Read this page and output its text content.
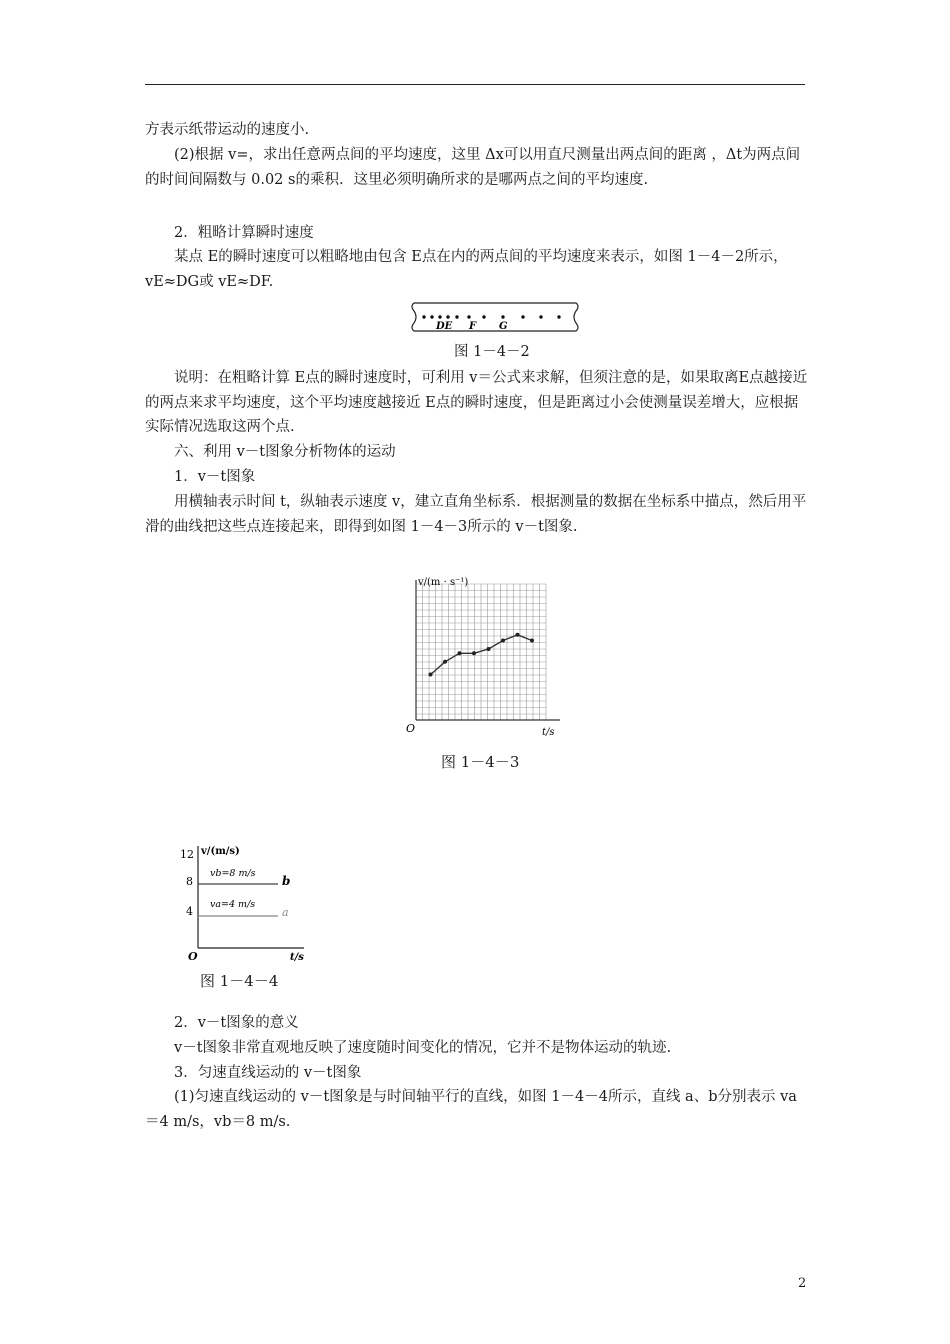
方表示纸带运动的速度小.
(2)根据 v=，求出任意两点间的平均速度，这里 Δx可以用直尺测量出两点间的距离 ，Δt为两点间的时间间隔数与 0.02 s的乘积．这里必须明确所求的是哪两点之间的平均速度.
2．粗略计算瞬时速度
某点 E的瞬时速度可以粗略地由包含 E点在内的两点间的平均速度来表示，如图 1－4－2所示，vE≈DG或 vE≈DF.
DE F G
图 1－4－2
说明：在粗略计算 E点的瞬时速度时，可利用 v＝公式来求解，但须注意的是，如果取离E点越接近的两点来求平均速度，这个平均速度越接近 E点的瞬时速度，但是距离过小会使测量误差增大，应根据实际情况选取这两个点.
六、利用 v－t图象分析物体的运动
1．v－t图象
用横轴表示时间 t，纵轴表示速度 v，建立直角坐标系．根据测量的数据在坐标系中描点，然后用平滑的曲线把这些点连接起来，即得到如图 1－4－3所示的 v－t图象.
v/(m · s⁻¹)
O	t/s
图 1－4－3
12
8
4
v/(m/s)
vb=8 m/s
va=4 m/s
b
a
O	t/s
图 1－4－4
2．v－t图象的意义
v－t图象非常直观地反映了速度随时间变化的情况，它并不是物体运动的轨迹.
3．匀速直线运动的 v－t图象
(1)匀速直线运动的 v－t图象是与时间轴平行的直线，如图 1－4－4所示，直线 a、b分别表示 va＝4 m/s，vb＝8 m/s.
2
